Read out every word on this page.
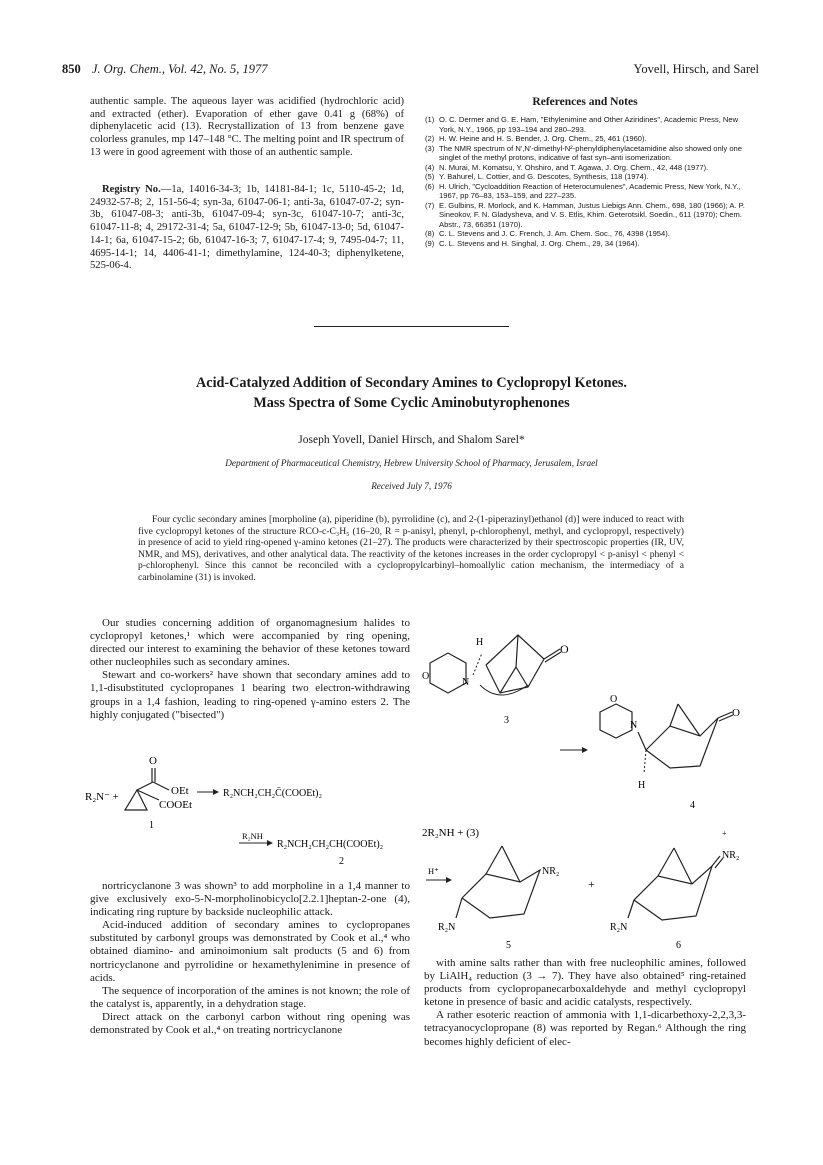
850 J. Org. Chem., Vol. 42, No. 5, 1977	Yovell, Hirsch, and Sarel
authentic sample. The aqueous layer was acidified (hydrochloric acid) and extracted (ether). Evaporation of ether gave 0.41 g (68%) of diphenylacetic acid (13). Recrystallization of 13 from benzene gave colorless granules, mp 147–148 °C. The melting point and IR spectrum of 13 were in good agreement with those of an authentic sample.
Registry No.—1a, 14016-34-3; 1b, 14181-84-1; 1c, 5110-45-2; 1d, 24932-57-8; 2, 151-56-4; syn-3a, 61047-06-1; anti-3a, 61047-07-2; syn-3b, 61047-08-3; anti-3b, 61047-09-4; syn-3c, 61047-10-7; anti-3c, 61047-11-8; 4, 29172-31-4; 5a, 61047-12-9; 5b, 61047-13-0; 5d, 61047-14-1; 6a, 61047-15-2; 6b, 61047-16-3; 7, 61047-17-4; 9, 7495-04-7; 11, 4695-14-1; 14, 4406-41-1; dimethylamine, 124-40-3; diphenylketene, 525-06-4.
References and Notes
(1) O. C. Dermer and G. E. Ham, "Ethylenimine and Other Aziridines", Academic Press, New York, N.Y., 1966, pp 193–194 and 280–293.
(2) H. W. Heine and H. S. Bender, J. Org. Chem., 25, 461 (1960).
(3) The NMR spectrum of N',N'-dimethyl-N²-phenyldiphenylacetamidine also showed only one singlet of the methyl protons, indicative of fast syn–anti isomerization.
(4) N. Murai, M. Komatsu, Y. Ohshiro, and T. Agawa, J. Org. Chem., 42, 448 (1977).
(5) Y. Bahurel, L. Cottier, and G. Descotes, Synthesis, 118 (1974).
(6) H. Ulrich, "Cycloaddition Reaction of Heterocumulenes", Academic Press, New York, N.Y., 1967, pp 76–83, 153–159, and 227–235.
(7) E. Gulbins, R. Morlock, and K. Hamman, Justus Liebigs Ann. Chem., 698, 180 (1966); A. P. Sineokov, F. N. Gladysheva, and V. S. Etlis, Khim. Geterotsikl. Soedin., 611 (1970); Chem. Abstr., 73, 66351 (1970).
(8) C. L. Stevens and J. C. French, J. Am. Chem. Soc., 76, 4398 (1954).
(9) C. L. Stevens and H. Singhal, J. Org. Chem., 29, 34 (1964).
Acid-Catalyzed Addition of Secondary Amines to Cyclopropyl Ketones.
Mass Spectra of Some Cyclic Aminobutyrophenones
Joseph Yovell, Daniel Hirsch, and Shalom Sarel*
Department of Pharmaceutical Chemistry, Hebrew University School of Pharmacy, Jerusalem, Israel
Received July 7, 1976
Four cyclic secondary amines [morpholine (a), piperidine (b), pyrrolidine (c), and 2-(1-piperazinyl)ethanol (d)] were induced to react with five cyclopropyl ketones of the structure RCO-c-C₃H₅ (16–20, R = p-anisyl, phenyl, p-chlorophenyl, methyl, and cyclopropyl, respectively) in presence of acid to yield ring-opened γ-amino ketones (21–27). The products were characterized by their spectroscopic properties (IR, UV, NMR, and MS), derivatives, and other analytical data. The reactivity of the ketones increases in the order cyclopropyl < p-anisyl < phenyl < p-chlorophenyl. Since this cannot be reconciled with a cyclopropylcarbinyl–homoallylic cation mechanism, the intermediacy of a carbinolamine (31) is invoked.

Our studies concerning addition of organomagnesium halides to cyclopropyl ketones,¹ which were accompanied by ring opening, directed our interest to examining the behavior of these ketones toward other nucleophiles such as secondary amines.

Stewart and co-workers² have shown that secondary amines add to 1,1-disubstituted cyclopropanes 1 bearing two electron-withdrawing groups in a 1,4 fashion, leading to ring-opened γ-amino esters 2. The highly conjugated ("bisected")

nortricyclanone 3 was shown³ to add morpholine in a 1,4 manner to give exclusively exo-5-N-morpholinobicyclo[2.2.1]heptan-2-one (4), indicating ring rupture by backside nucleophilic attack.

Acid-induced addition of secondary amines to cyclopropanes substituted by carbonyl groups was demonstrated by Cook et al.,⁴ who obtained diamino- and aminoimonium salt products (5 and 6) from nortricyclanone and pyrrolidine or hexamethylenimine in presence of acids.

The sequence of incorporation of the amines is not known; the role of the catalyst is, apparently, in a dehydration stage.

Direct attack on the carbonyl carbon without ring opening was demonstrated by Cook et al.,⁴ on treating nortricyclanone

with amine salts rather than with free nucleophilic amines, followed by LiAlH₄ reduction (3 → 7). They have also obtained⁵ ring-retained products from cyclopropanecarboxaldehyde and methyl cyclopropyl ketone in presence of basic and acidic catalysts, respectively.

A rather esoteric reaction of ammonia with 1,1-dicarbethoxy-2,2,3,3-tetracyanocyclopropane (8) was reported by Regan.⁶ Although the ring becomes highly deficient of elec-

R₂N⁻ +
O
OEt
COOEt
1
R₂NCH₂CH₂C̄(COOEt)₂
R₂NH
R₂NCH₂CH₂CH(COOEt)₂
2
O
N
H	O
3
O
N
O
H
4
2R₂NH + (3)
H⁺	NR₂
R₂N
5
+
+
NR₂
R₂N
6
